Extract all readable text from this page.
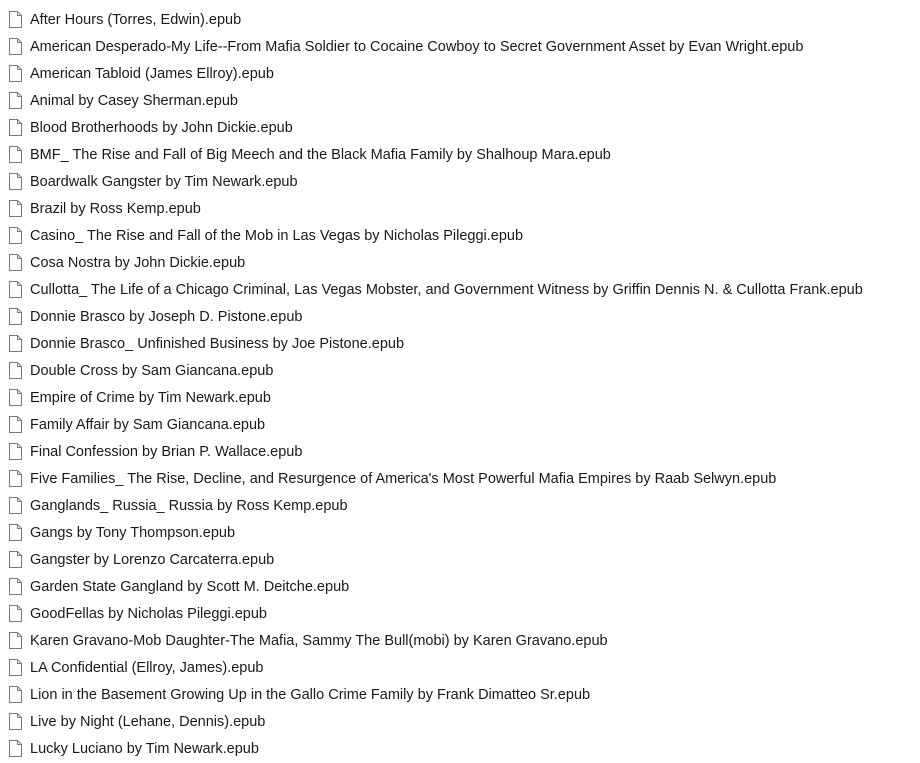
After Hours (Torres, Edwin).epub
American Desperado-My Life--From Mafia Soldier to Cocaine Cowboy to Secret Government Asset by Evan Wright.epub
American Tabloid (James Ellroy).epub
Animal by Casey Sherman.epub
Blood Brotherhoods by John Dickie.epub
BMF_ The Rise and Fall of Big Meech and the Black Mafia Family by Shalhoup Mara.epub
Boardwalk Gangster by Tim Newark.epub
Brazil by Ross Kemp.epub
Casino_ The Rise and Fall of the Mob in Las Vegas by Nicholas Pileggi.epub
Cosa Nostra by John Dickie.epub
Cullotta_ The Life of a Chicago Criminal, Las Vegas Mobster, and Government Witness by Griffin Dennis N. & Cullotta Frank.epub
Donnie Brasco by Joseph D. Pistone.epub
Donnie Brasco_ Unfinished Business by Joe Pistone.epub
Double Cross by Sam Giancana.epub
Empire of Crime by Tim Newark.epub
Family Affair by Sam Giancana.epub
Final Confession by Brian P. Wallace.epub
Five Families_ The Rise, Decline, and Resurgence of America's Most Powerful Mafia Empires by Raab Selwyn.epub
Ganglands_ Russia_ Russia by Ross Kemp.epub
Gangs by Tony Thompson.epub
Gangster by Lorenzo Carcaterra.epub
Garden State Gangland by Scott M. Deitche.epub
GoodFellas by Nicholas Pileggi.epub
Karen Gravano-Mob Daughter-The Mafia, Sammy The Bull(mobi) by Karen Gravano.epub
LA Confidential (Ellroy, James).epub
Lion in the Basement Growing Up in the Gallo Crime Family by Frank Dimatteo Sr.epub
Live by Night (Lehane, Dennis).epub
Lucky Luciano by Tim Newark.epub
